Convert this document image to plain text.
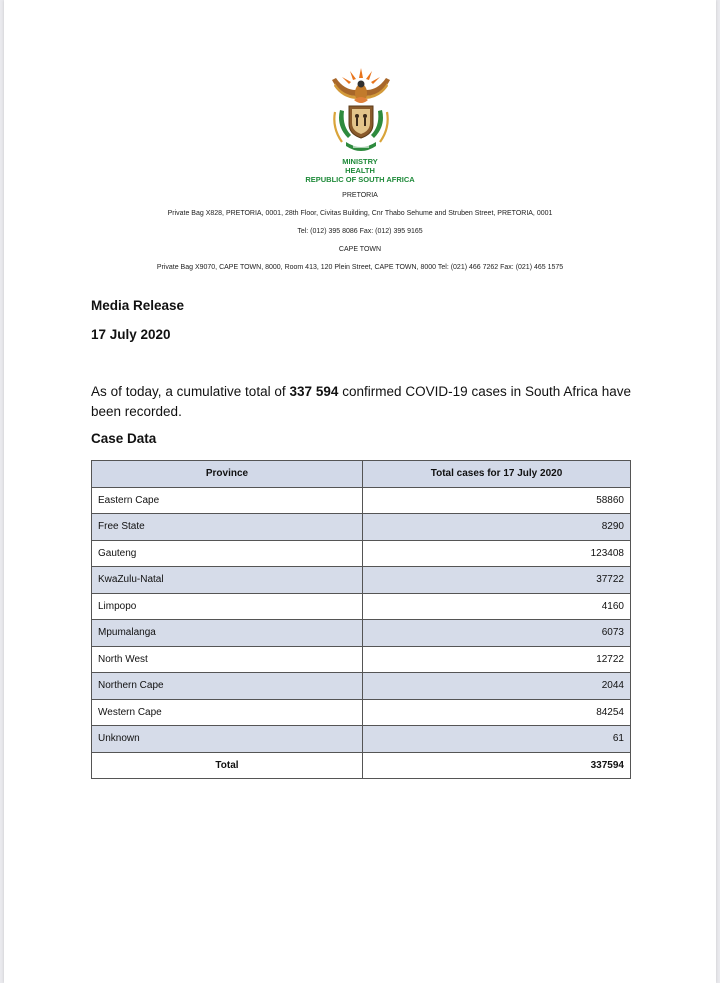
MINISTRY
HEALTH
REPUBLIC OF SOUTH AFRICA
PRETORIA
Private Bag X828, PRETORIA, 0001, 28th Floor, Civitas Building, Cnr Thabo Sehume and Struben Street, PRETORIA, 0001
Tel: (012) 395 8086 Fax: (012) 395 9165
CAPE TOWN
Private Bag X9070, CAPE TOWN, 8000, Room 413, 120 Plein Street, CAPE TOWN, 8000 Tel: (021) 466 7262 Fax: (021) 465 1575
Media Release
17 July 2020
As of today, a cumulative total of 337 594 confirmed COVID-19 cases in South Africa have been recorded.
Case Data
Province	Total cases for 17 July 2020
Eastern Cape	58860
Free State	8290
Gauteng	123408
KwaZulu-Natal	37722
Limpopo	4160
Mpumalanga	6073
North West	12722
Northern Cape	2044
Western Cape	84254
Unknown	61
Total	337594
